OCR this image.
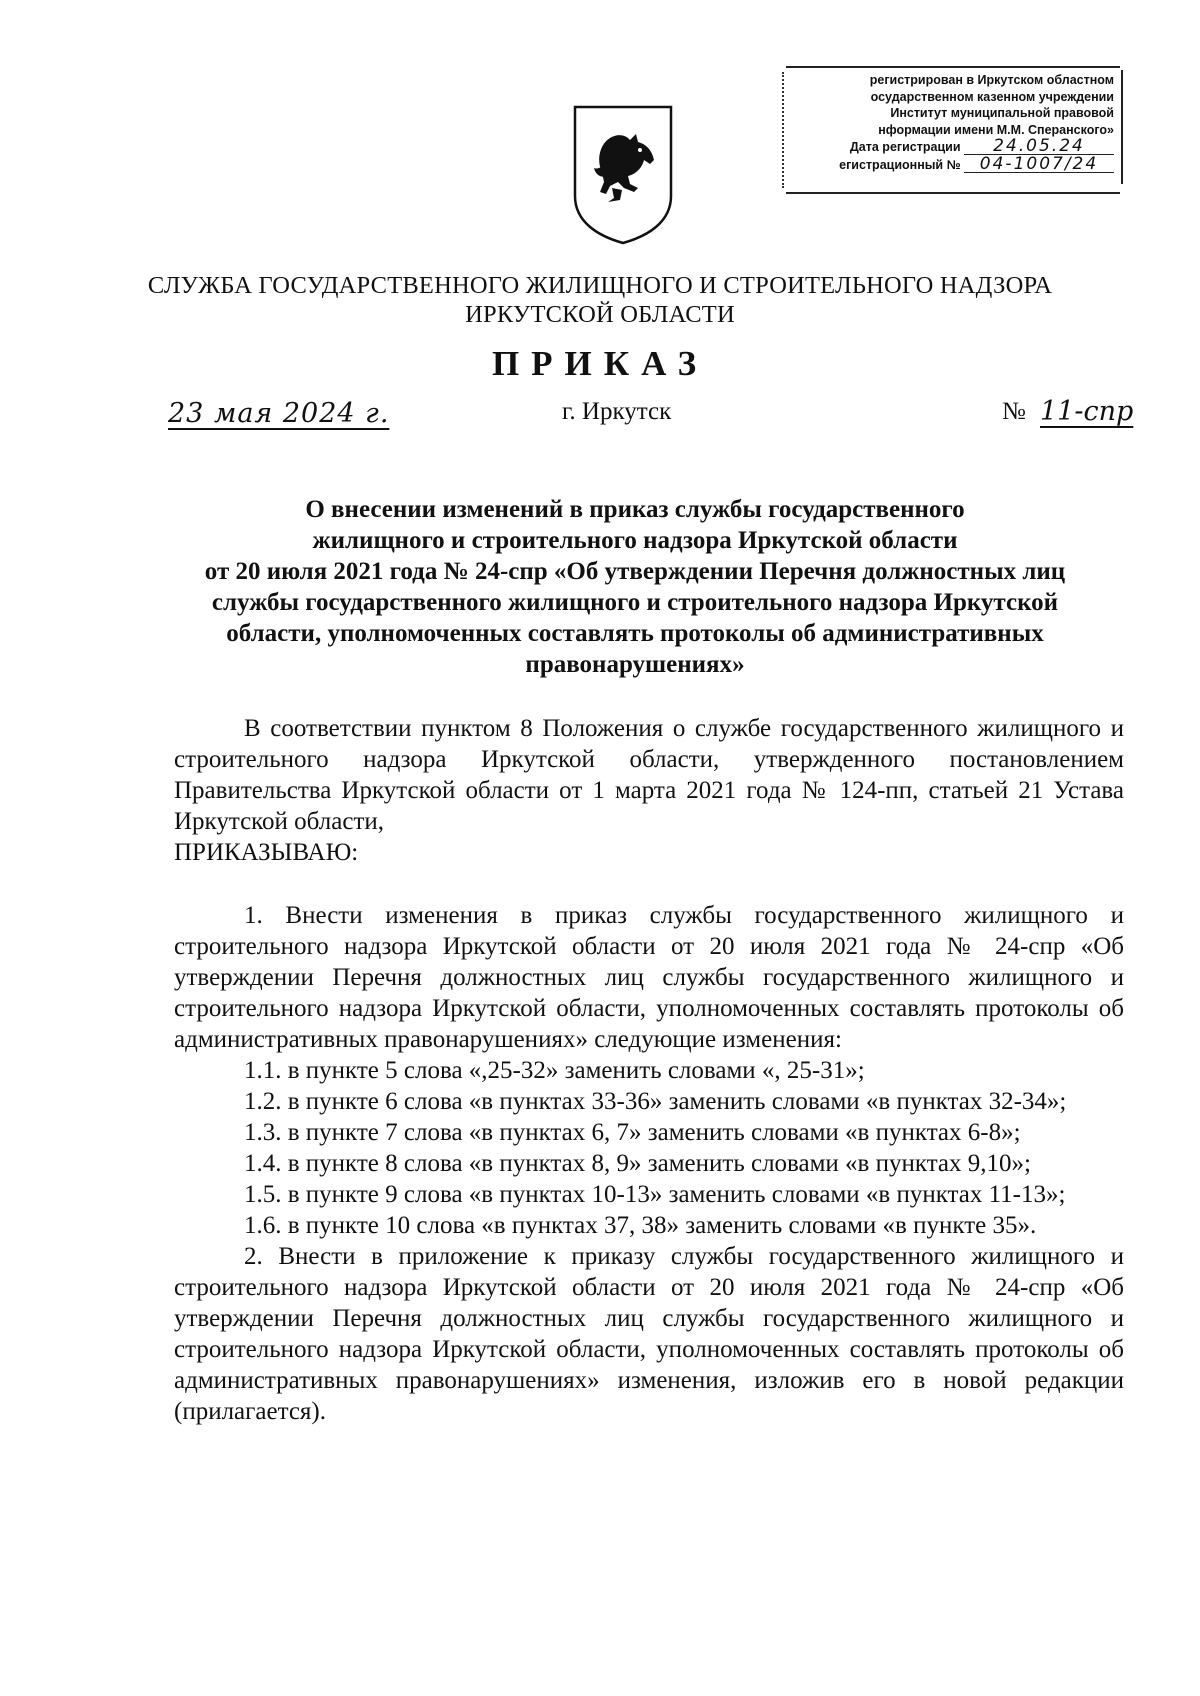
регистрирован в Иркутском областном
осударственном казенном учреждении
Институт муниципальной правовой
нформации имени М.М. Сперанского»
Дата регистрации 24.05.24
егистрационный № 04-1007/24
СЛУЖБА ГОСУДАРСТВЕННОГО ЖИЛИЩНОГО И СТРОИТЕЛЬНОГО НАДЗОРА
ИРКУТСКОЙ ОБЛАСТИ
ПРИКАЗ
23 мая 2024 г.	г. Иркутск	№ 11-спр
О внесении изменений в приказ службы государственного
жилищного и строительного надзора Иркутской области
от 20 июля 2021 года № 24-спр «Об утверждении Перечня должностных лиц
службы государственного жилищного и строительного надзора Иркутской
области, уполномоченных составлять протоколы об административных
правонарушениях»

В соответствии пунктом 8 Положения о службе государственного жилищного и строительного надзора Иркутской области, утвержденного постановлением Правительства Иркутской области от 1 марта 2021 года № 124-пп, статьей 21 Устава Иркутской области,

ПРИКАЗЫВАЮ:

1. Внести изменения в приказ службы государственного жилищного и строительного надзора Иркутской области от 20 июля 2021 года № 24-спр «Об утверждении Перечня должностных лиц службы государственного жилищного и строительного надзора Иркутской области, уполномоченных составлять протоколы об административных правонарушениях» следующие изменения:

1.1. в пункте 5 слова «,25-32» заменить словами «, 25-31»;

1.2. в пункте 6 слова «в пунктах 33-36» заменить словами «в пунктах 32-34»;

1.3. в пункте 7 слова «в пунктах 6, 7» заменить словами «в пунктах 6-8»;

1.4. в пункте 8 слова «в пунктах 8, 9» заменить словами «в пунктах 9,10»;

1.5. в пункте 9 слова «в пунктах 10-13» заменить словами «в пунктах 11-13»;

1.6. в пункте 10 слова «в пунктах 37, 38» заменить словами «в пункте 35».

2. Внести в приложение к приказу службы государственного жилищного и строительного надзора Иркутской области от 20 июля 2021 года № 24-спр «Об утверждении Перечня должностных лиц службы государственного жилищного и строительного надзора Иркутской области, уполномоченных составлять протоколы об административных правонарушениях» изменения, изложив его в новой редакции (прилагается).
